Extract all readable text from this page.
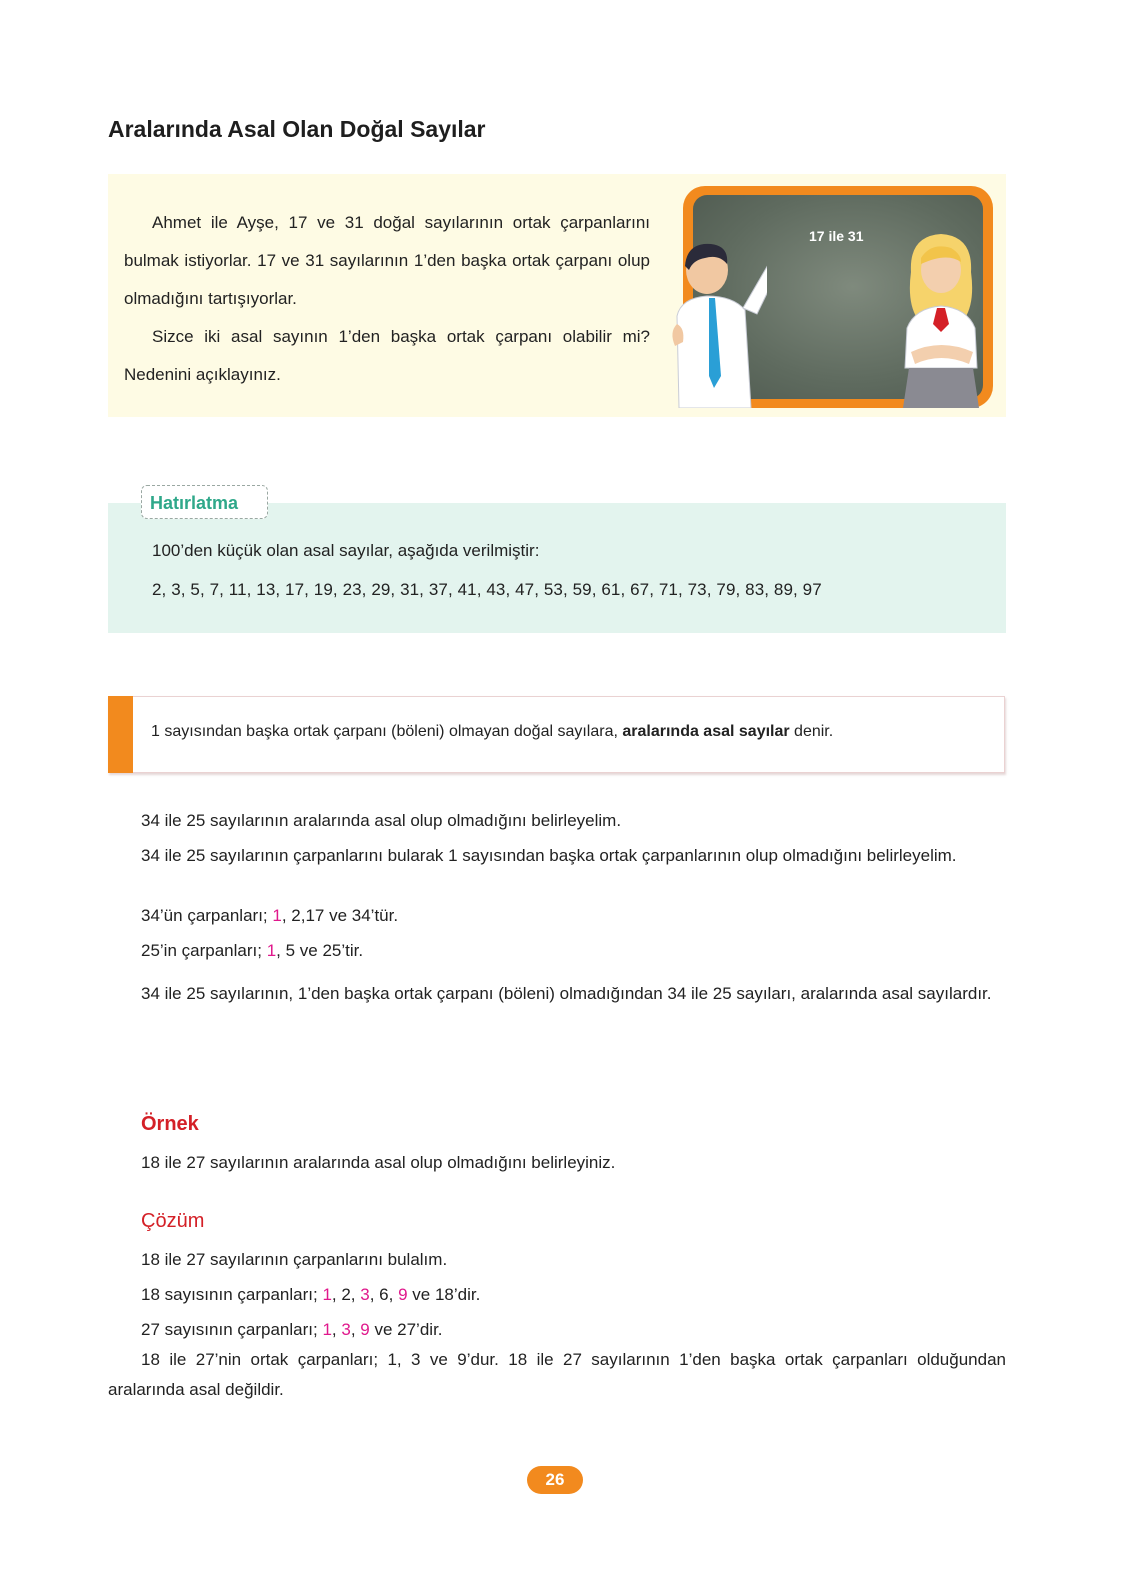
Aralarında Asal Olan Doğal Sayılar

Ahmet ile Ayşe, 17 ve 31 doğal sayılarının ortak çarpanlarını bulmak istiyorlar. 17 ve 31 sayılarının 1’den başka ortak çarpanı olup olmadığını tartışıyorlar.

Sizce iki asal sayının 1’den başka ortak çarpanı olabilir mi? Nedenini açıklayınız.

17 ile 31
Hatırlatma
100’den küçük olan asal sayılar, aşağıda verilmiştir:
2, 3, 5, 7, 11, 13, 17, 19, 23, 29, 31, 37, 41, 43, 47, 53, 59, 61, 67, 71, 73, 79, 83, 89, 97
1 sayısından başka ortak çarpanı (böleni) olmayan doğal sayılara, aralarında asal sayılar denir.
34 ile 25 sayılarının aralarında asal olup olmadığını belirleyelim.
34 ile 25 sayılarının çarpanlarını bularak 1 sayısından başka ortak çarpanlarının olup olmadığını belirleyelim.
34’ün çarpanları; 1, 2,17 ve 34’tür.
25’in çarpanları; 1, 5 ve 25’tir.
34 ile 25 sayılarının, 1’den başka ortak çarpanı (böleni) olmadığından 34 ile 25 sayıları, aralarında asal sayılardır.
Örnek
18 ile 27 sayılarının aralarında asal olup olmadığını belirleyiniz.
Çözüm
18 ile 27 sayılarının çarpanlarını bulalım.
18 sayısının çarpanları; 1, 2, 3, 6, 9 ve 18’dir.
27 sayısının çarpanları; 1, 3, 9 ve 27’dir.
18 ile 27’nin ortak çarpanları; 1, 3 ve 9’dur. 18 ile 27 sayılarının 1’den başka ortak çarpanları olduğundan aralarında asal değildir.
26
